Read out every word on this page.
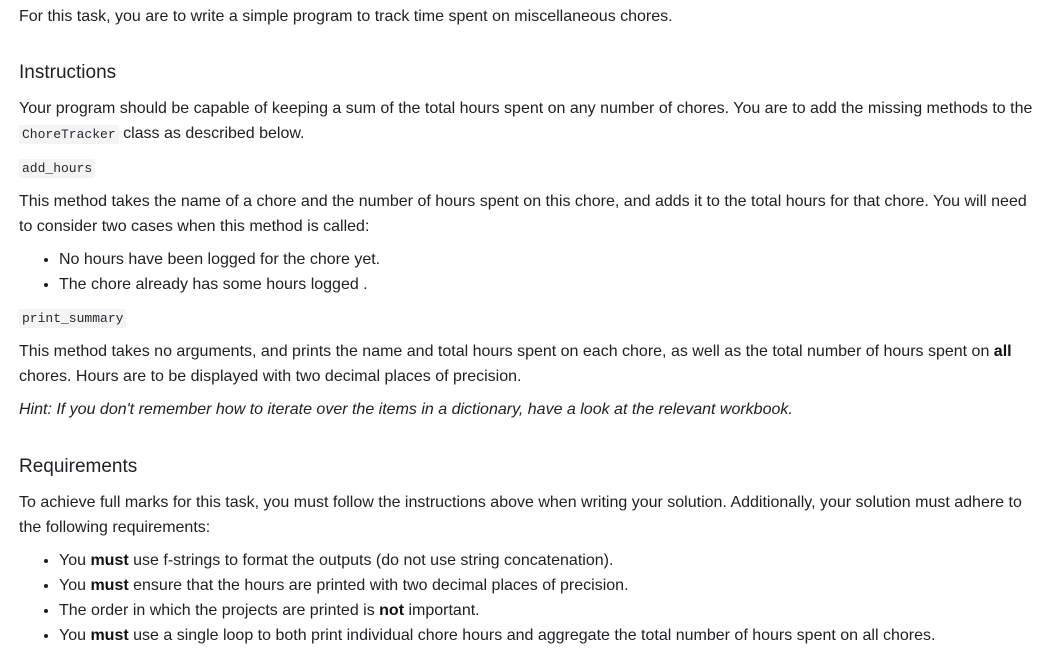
For this task, you are to write a simple program to track time spent on miscellaneous chores.

Instructions

Your program should be capable of keeping a sum of the total hours spent on any number of chores. You are to add the missing methods to the ChoreTracker class as described below.

add_hours

This method takes the name of a chore and the number of hours spent on this chore, and adds it to the total hours for that chore. You will need to consider two cases when this method is called:

• No hours have been logged for the chore yet.
• The chore already has some hours logged .

print_summary

This method takes no arguments, and prints the name and total hours spent on each chore, as well as the total number of hours spent on all chores. Hours are to be displayed with two decimal places of precision.

Hint: If you don't remember how to iterate over the items in a dictionary, have a look at the relevant workbook.

Requirements

To achieve full marks for this task, you must follow the instructions above when writing your solution. Additionally, your solution must adhere to the following requirements:

• You must use f-strings to format the outputs (do not use string concatenation).
• You must ensure that the hours are printed with two decimal places of precision.
• The order in which the projects are printed is not important.
• You must use a single loop to both print individual chore hours and aggregate the total number of hours spent on all chores.
